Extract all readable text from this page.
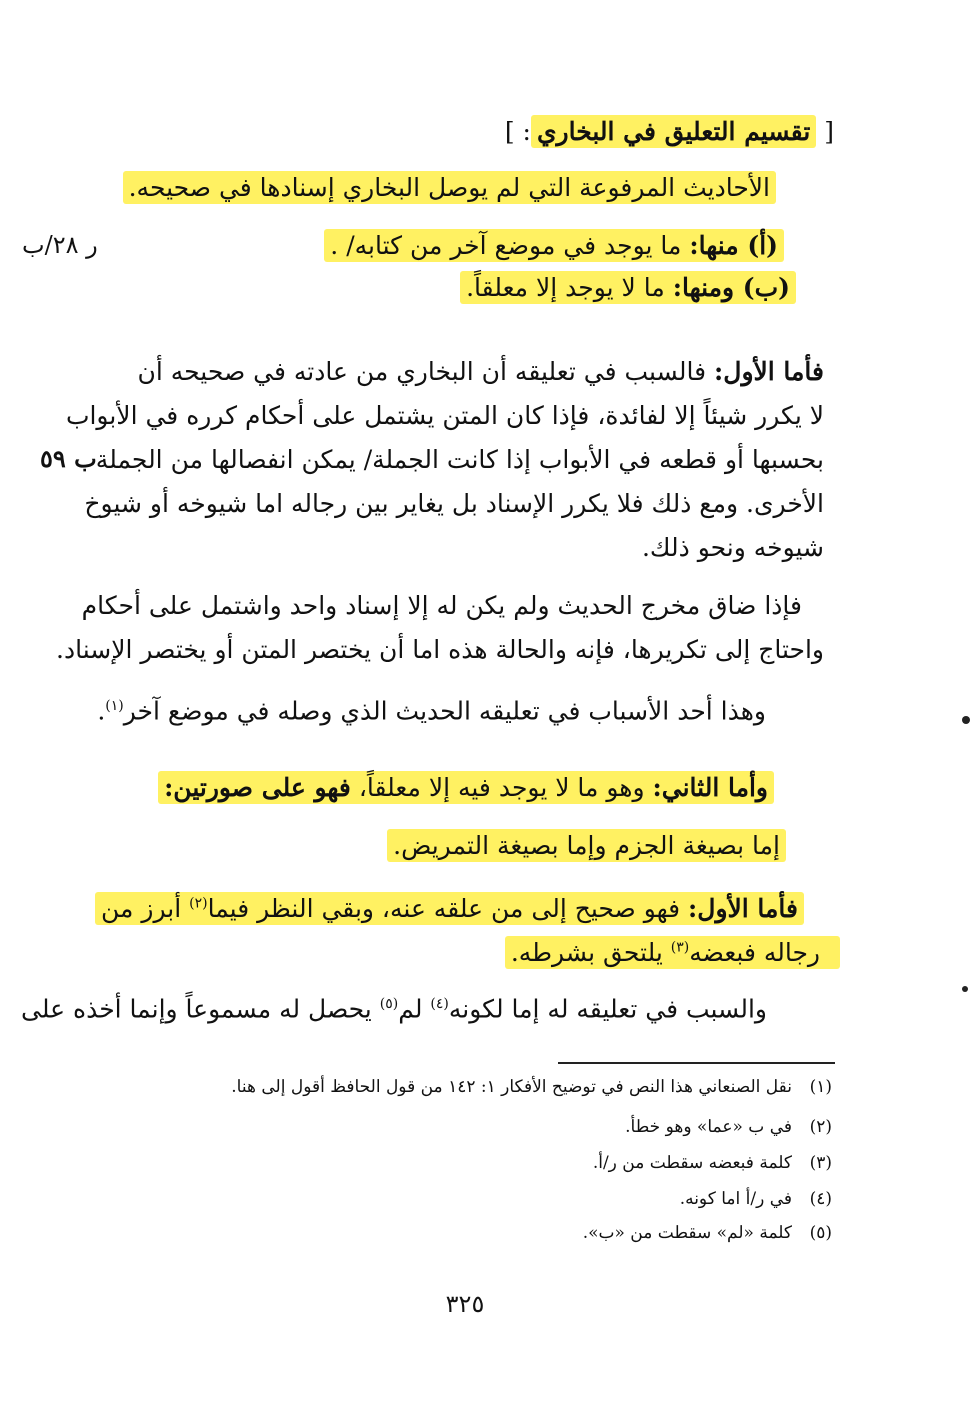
[ تقسيم التعليق في البخاري: ]
الأحاديث المرفوعة التي لم يوصل البخاري إسنادها في صحيحه.
(أ) منها: ما يوجد في موضع آخر من كتابه/ .
ر ٢٨/ب
(ب) ومنها: ما لا يوجد إلا معلقاً.
فأما الأول: فالسبب في تعليقه أن البخاري من عادته في صحيحه أن
لا يكرر شيئاً إلا لفائدة، فإذا كان المتن يشتمل على أحكام كرره في الأبواب
بحسبها أو قطعه في الأبواب إذا كانت الجملة/ يمكن انفصالها من الجملة
ب ٥٩
الأخرى. ومع ذلك فلا يكرر الإسناد بل يغاير بين رجاله اما شيوخه أو شيوخ
شيوخه ونحو ذلك.
فإذا ضاق مخرج الحديث ولم يكن له إلا إسناد واحد واشتمل على أحكام
واحتاج إلى تكريرها، فإنه والحالة هذه اما أن يختصر المتن أو يختصر الإسناد.
وهذا أحد الأسباب في تعليقه الحديث الذي وصله في موضع آخر$^{(١)}$.
وأما الثاني: وهو ما لا يوجد فيه إلا معلقاً، فهو على صورتين:
إما بصيغة الجزم وإما بصيغة التمريض.
فأما الأول: فهو صحيح إلى من علقه عنه، وبقي النظر فيما$^{(٢)}$ أبرز من
رجاله فبعضه$^{(٣)}$ يلتحق بشرطه.
والسبب في تعليقه له إما لكونه$^{(٤)}$ لم$^{(٥)}$ يحصل له مسموعاً وإنما أخذه على
(١)نقل الصنعاني هذا النص في توضيح الأفكار ١: ١٤٢ من قول الحافظ أقول إلى هنا.
(٢)في ب «عما» وهو خطأ.
(٣)كلمة فبعضه سقطت من ر/أ.
(٤)في ر/أ اما كونه.
(٥)كلمة «لم» سقطت من «ب».
٣٢٥
